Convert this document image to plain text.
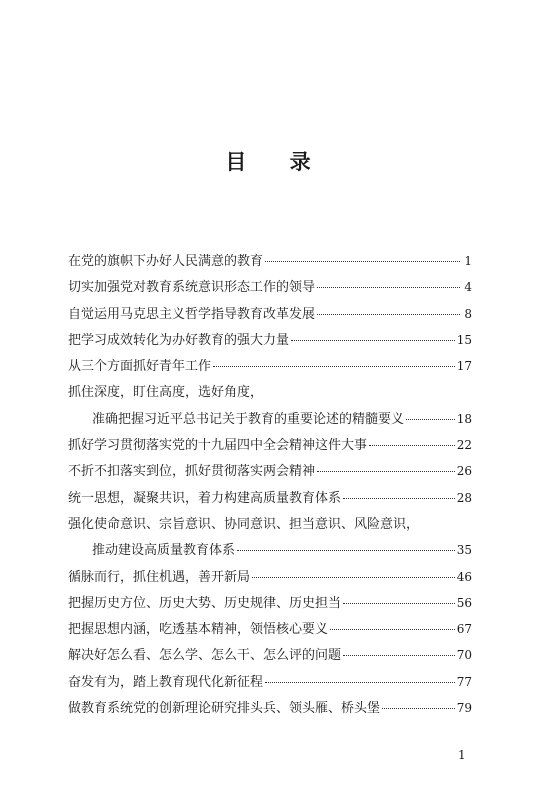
目 录
在党的旗帜下办好人民满意的教育	1
切实加强党对教育系统意识形态工作的领导	4
自觉运用马克思主义哲学指导教育改革发展	8
把学习成效转化为办好教育的强大力量	15
从三个方面抓好青年工作	17
抓住深度，盯住高度，选好角度，
准确把握习近平总书记关于教育的重要论述的精髓要义	18
抓好学习贯彻落实党的十九届四中全会精神这件大事	22
不折不扣落实到位，抓好贯彻落实两会精神	26
统一思想，凝聚共识，着力构建高质量教育体系	28
强化使命意识、宗旨意识、协同意识、担当意识、风险意识，
推动建设高质量教育体系	35
循脉而行，抓住机遇，善开新局	46
把握历史方位、历史大势、历史规律、历史担当	56
把握思想内涵，吃透基本精神，领悟核心要义	67
解决好怎么看、怎么学、怎么干、怎么评的问题	70
奋发有为，踏上教育现代化新征程	77
做教育系统党的创新理论研究排头兵、领头雁、桥头堡	79
1
